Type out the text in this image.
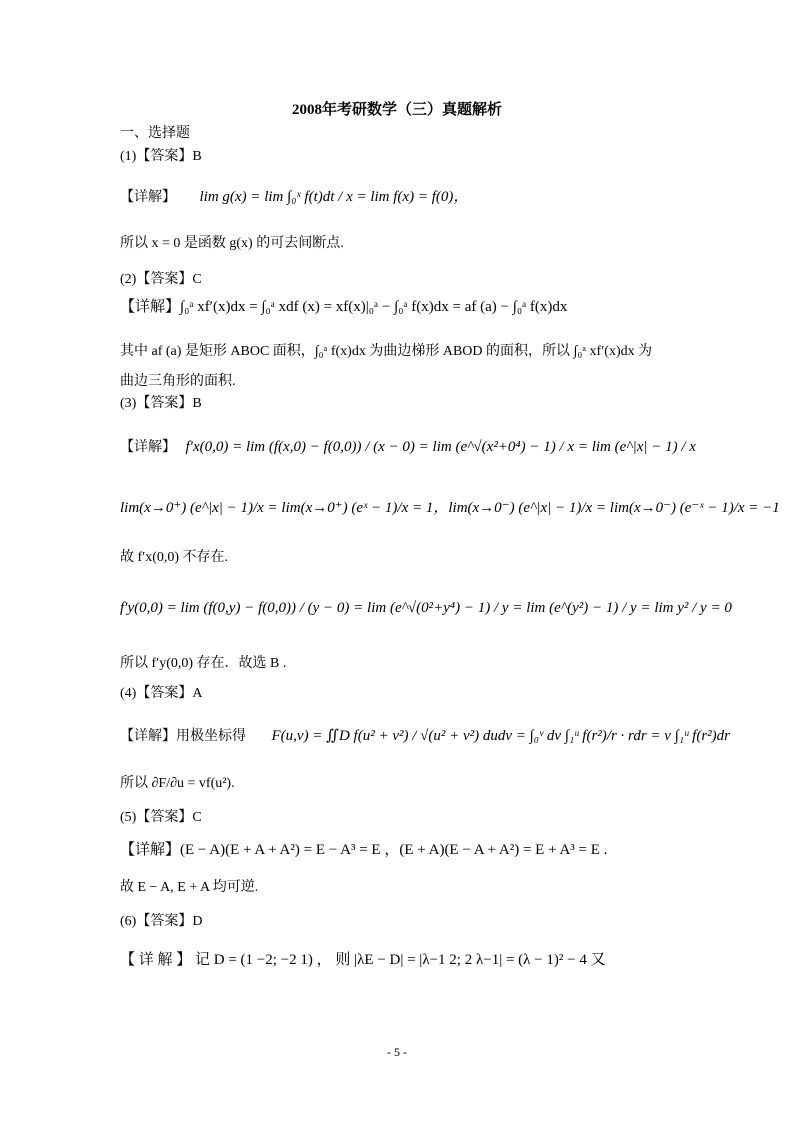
2008年考研数学（三）真题解析
一、选择题
(1)【答案】B
【详解】 lim g(x) = lim ∫₀ˣ f(t)dt / x = lim f(x) = f(0)，
所以 x = 0 是函数 g(x) 的可去间断点.
(2)【答案】C
【详解】∫₀ᵃ xf′(x)dx = ∫₀ᵃ xdf (x) = xf(x)|₀ᵃ − ∫₀ᵃ f(x)dx = af (a) − ∫₀ᵃ f(x)dx
其中 af (a) 是矩形 ABOC 面积，∫₀ᵃ f(x)dx 为曲边梯形 ABOD 的面积，所以 ∫₀ᵃ xf′(x)dx 为
曲边三角形的面积.
(3)【答案】B
【详解】 f′x(0,0) = lim (f(x,0) − f(0,0)) / (x − 0) = lim (e^√(x²+0⁴) − 1) / x = lim (e^|x| − 1) / x
lim(x→0⁺) (e^|x| − 1)/x = lim(x→0⁺) (eˣ − 1)/x = 1，lim(x→0⁻) (e^|x| − 1)/x = lim(x→0⁻) (e⁻ˣ − 1)/x = −1
故 f′x(0,0) 不存在.
f′y(0,0) = lim (f(0,y) − f(0,0)) / (y − 0) = lim (e^√(0²+y⁴) − 1) / y = lim (e^(y²) − 1) / y = lim y² / y = 0
所以 f′y(0,0) 存在．故选 B .
(4)【答案】A
【详解】用极坐标得 F(u,v) = ∬D f(u² + v²) / √(u² + v²) dudv = ∫₀ᵛ dv ∫₁ᵘ f(r²)/r · rdr = v ∫₁ᵘ f(r²)dr
所以 ∂F/∂u = vf(u²).
(5)【答案】C
【详解】(E − A)(E + A + A²) = E − A³ = E ，(E + A)(E − A + A²) = E + A³ = E .
故 E − A, E + A 均可逆.
(6)【答案】D
【 详 解 】 记 D = (1 −2; −2 1) ， 则 |λE − D| = |λ−1 2; 2 λ−1| = (λ − 1)² − 4 又
- 5 -
